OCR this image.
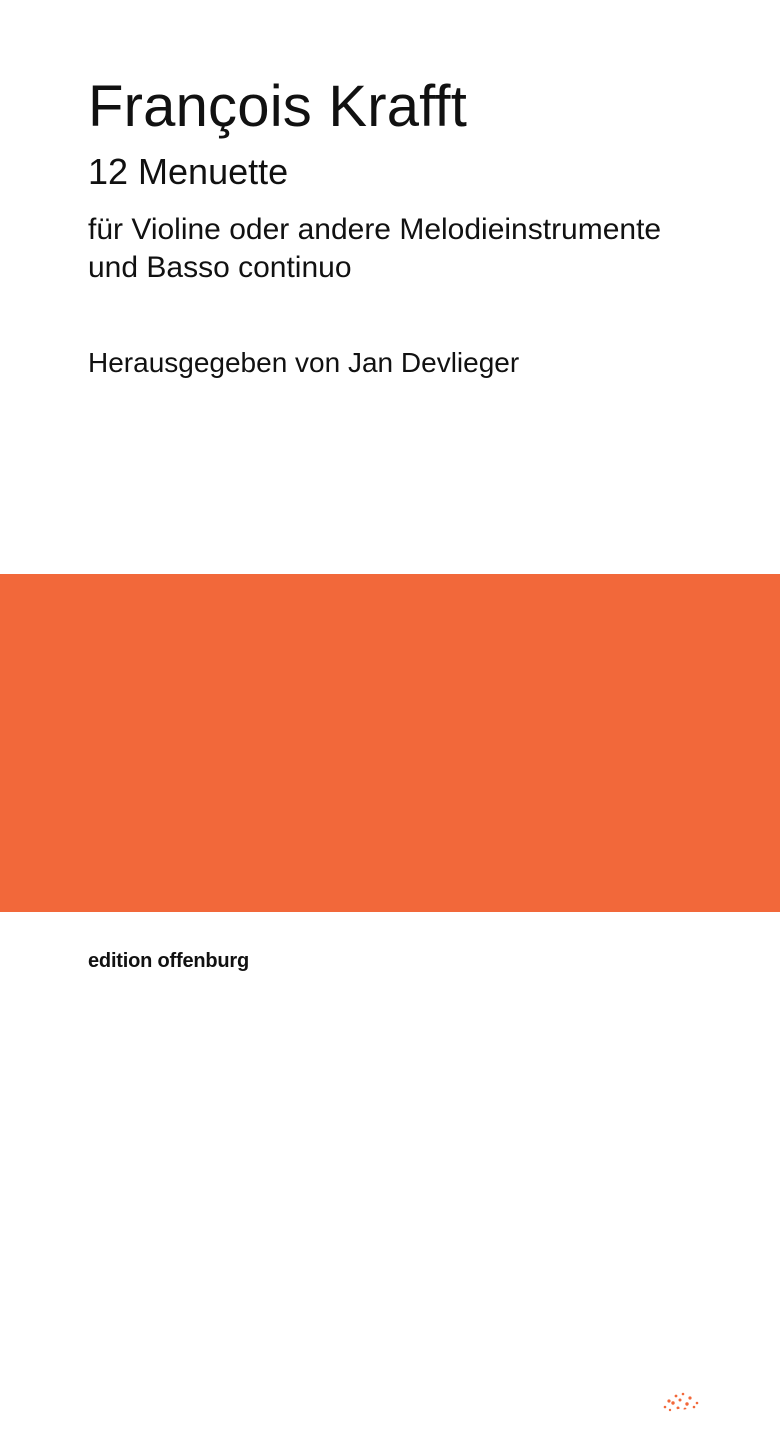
François Krafft
12 Menuette
für Violine oder andere Melodieinstrumente
und Basso continuo
Herausgegeben von Jan Devlieger
e o
edition offenburg
